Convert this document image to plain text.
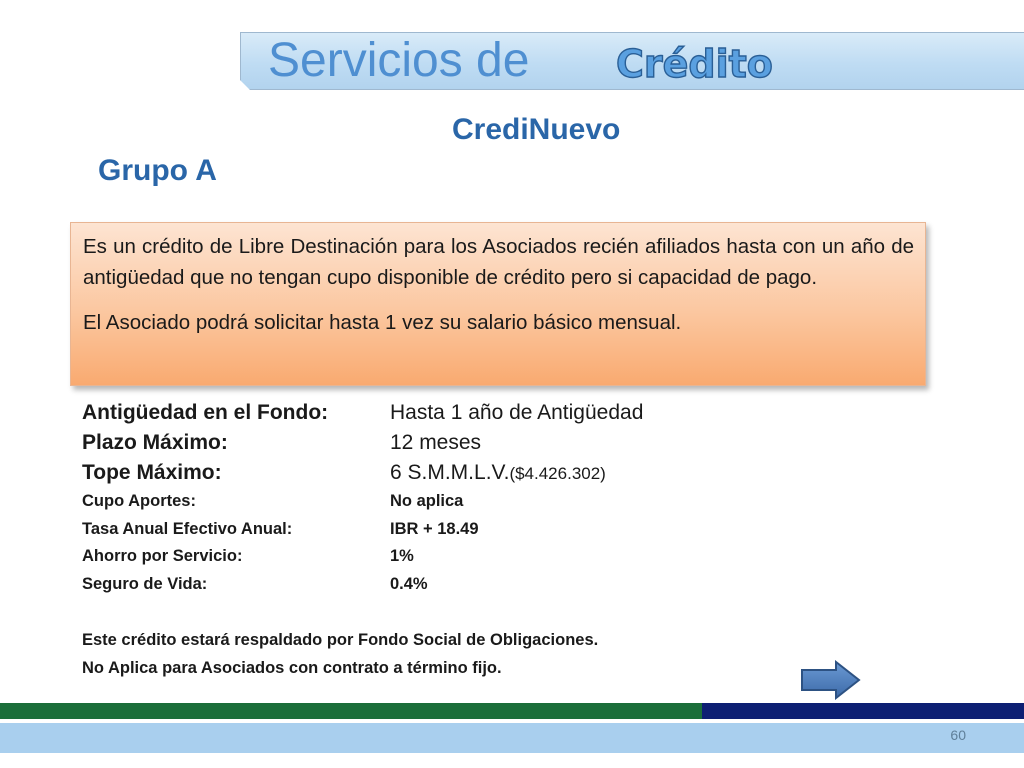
Servicios de Crédito
CrediNuevo
Grupo A

Es un crédito de Libre Destinación para los Asociados recién afiliados hasta con un año de antigüedad que no tengan cupo disponible de crédito pero si capacidad de pago.

El Asociado podrá solicitar hasta 1 vez su salario básico mensual.

Antigüedad en el Fondo:	Hasta 1 año de Antigüedad
Plazo Máximo:	12 meses
Tope Máximo:	6 S.M.M.L.V.($4.426.302)
Cupo Aportes:	No aplica
Tasa Anual Efectivo Anual:	IBR + 18.49
Ahorro por Servicio:	1%
Seguro de Vida:	0.4%
Este crédito estará respaldado por Fondo Social de Obligaciones.
No Aplica para Asociados con contrato a término fijo.
60
